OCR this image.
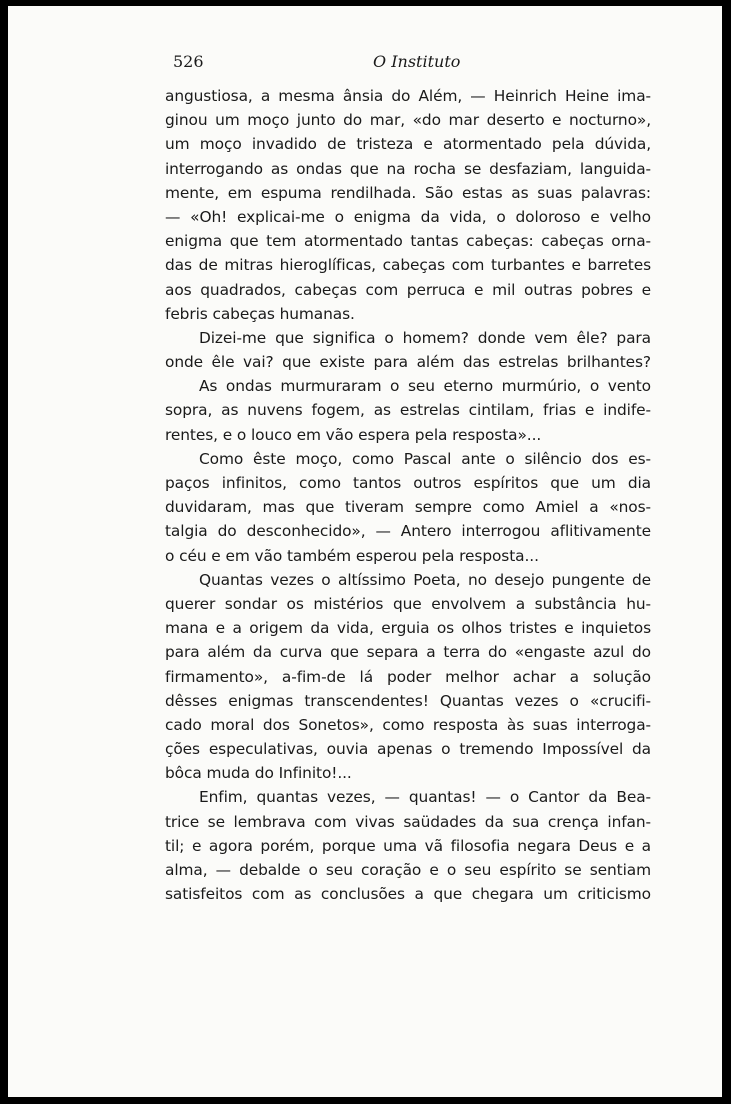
526	O Instituto
angustiosa, a mesma ânsia do Além, — Heinrich Heine ima-
ginou um moço junto do mar, «do mar deserto e nocturno»,
um moço invadido de tristeza e atormentado pela dúvida,
interrogando as ondas que na rocha se desfaziam, languida-
mente, em espuma rendilhada. São estas as suas palavras:
— «Oh! explicai-me o enigma da vida, o doloroso e velho
enigma que tem atormentado tantas cabeças: cabeças orna-
das de mitras hieroglíficas, cabeças com turbantes e barretes
aos quadrados, cabeças com perruca e mil outras pobres e
febris cabeças humanas.
Dizei-me que significa o homem? donde vem êle? para
onde êle vai? que existe para além das estrelas brilhantes?
As ondas murmuraram o seu eterno murmúrio, o vento
sopra, as nuvens fogem, as estrelas cintilam, frias e indife-
rentes, e o louco em vão espera pela resposta»...
Como êste moço, como Pascal ante o silêncio dos es-
paços infinitos, como tantos outros espíritos que um dia
duvidaram, mas que tiveram sempre como Amiel a «nos-
talgia do desconhecido», — Antero interrogou aflitivamente
o céu e em vão também esperou pela resposta...
Quantas vezes o altíssimo Poeta, no desejo pungente de
querer sondar os mistérios que envolvem a substância hu-
mana e a origem da vida, erguia os olhos tristes e inquietos
para além da curva que separa a terra do «engaste azul do
firmamento», a-fim-de lá poder melhor achar a solução
dêsses enigmas transcendentes! Quantas vezes o «crucifi-
cado moral dos Sonetos», como resposta às suas interroga-
ções especulativas, ouvia apenas o tremendo Impossível da
bôca muda do Infinito!...
Enfim, quantas vezes, — quantas! — o Cantor da Bea-
trice se lembrava com vivas saüdades da sua crença infan-
til; e agora porém, porque uma vã filosofia negara Deus e a
alma, — debalde o seu coração e o seu espírito se sentiam
satisfeitos com as conclusões a que chegara um criticismo
